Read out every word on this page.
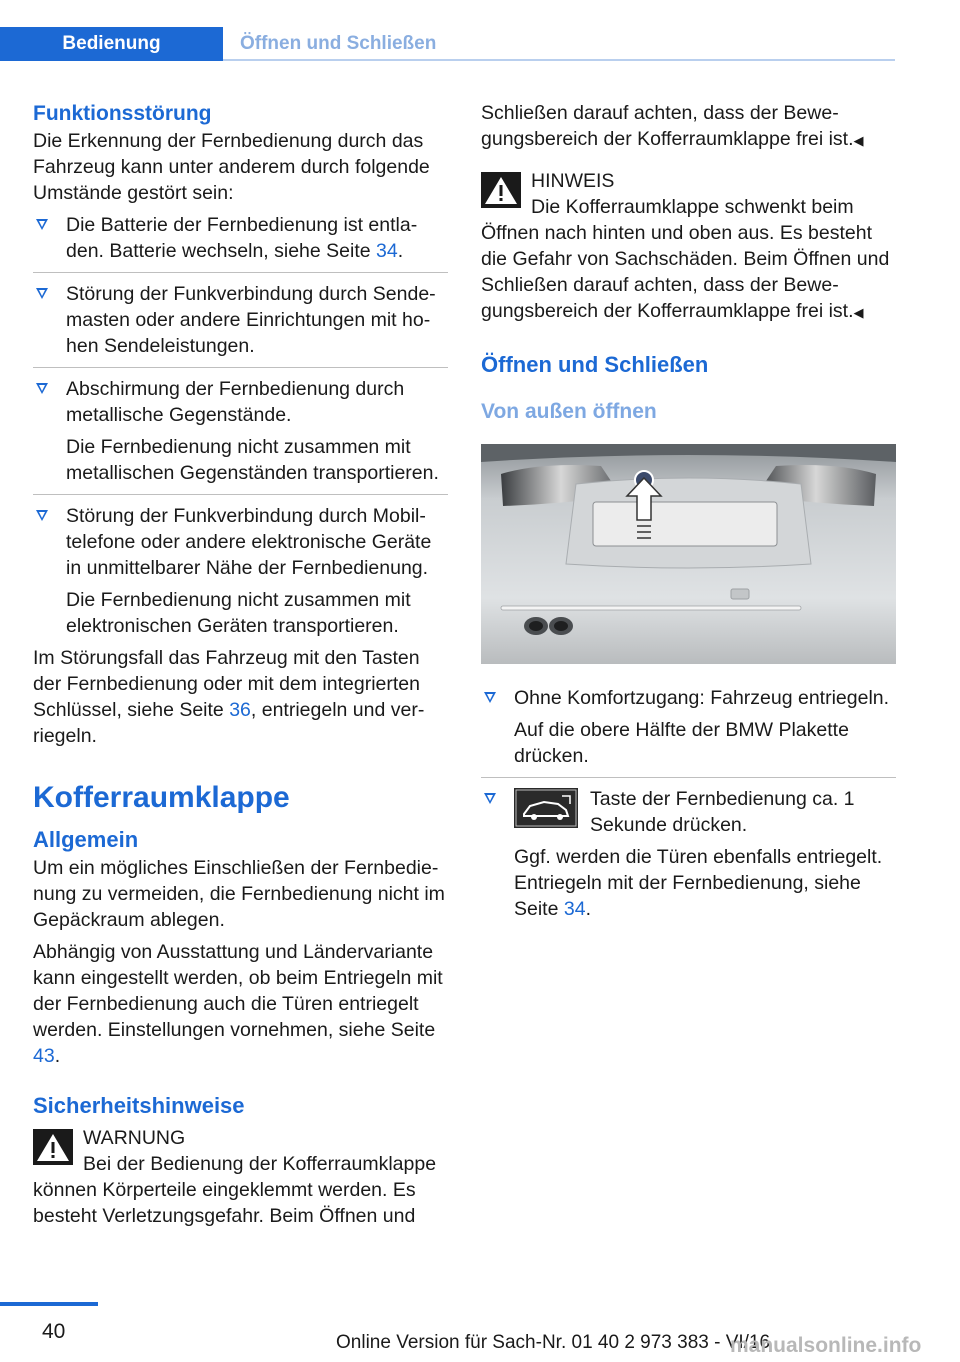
Bedienung	Öffnen und Schließen
Funktionsstörung

Die Erkennung der Fernbedienung durch das Fahrzeug kann unter anderem durch folgende Umstände gestört sein:

Die Batterie der Fernbedienung ist entladen. Batterie wechseln, siehe Seite 34.
Störung der Funkverbindung durch Sendemasten oder andere Einrichtungen mit hohen Sendeleistungen.

Abschirmung der Fernbedienung durch metallische Gegenstände.

Die Fernbedienung nicht zusammen mit metallischen Gegenständen transportieren.

Störung der Funkverbindung durch Mobiltelefone oder andere elektronische Geräte in unmittelbarer Nähe der Fernbedienung.

Die Fernbedienung nicht zusammen mit elektronischen Geräten transportieren.

Im Störungsfall das Fahrzeug mit den Tasten der Fernbedienung oder mit dem integrierten Schlüssel, siehe Seite 36, entriegeln und verriegeln.

Kofferraumklappe
Allgemein

Um ein mögliches Einschließen der Fernbedienung zu vermeiden, die Fernbedienung nicht im Gepäckraum ablegen.

Abhängig von Ausstattung und Ländervariante kann eingestellt werden, ob beim Entriegeln mit der Fernbedienung auch die Türen entriegelt werden. Einstellungen vornehmen, siehe Seite 43.

Sicherheitshinweise

WARNUNG

Bei der Bedienung der Kofferraumklappe können Körperteile eingeklemmt werden. Es besteht Verletzungsgefahr. Beim Öffnen und

Schließen darauf achten, dass der Bewegungsbereich der Kofferraumklappe frei ist.◀

HINWEIS

Die Kofferraumklappe schwenkt beim Öffnen nach hinten und oben aus. Es besteht die Gefahr von Sachschäden. Beim Öffnen und Schließen darauf achten, dass der Bewegungsbereich der Kofferraumklappe frei ist.◀

Öffnen und Schließen
Von außen öffnen

Ohne Komfortzugang: Fahrzeug entriegeln.

Auf die obere Hälfte der BMW Plakette drücken.

Taste der Fernbedienung ca. 1 Sekunde drücken.

Ggf. werden die Türen ebenfalls entriegelt. Entriegeln mit der Fernbedienung, siehe Seite 34.

40	Online Version für Sach-Nr. 01 40 2 973 383 - VI/16
manualsonline.info
